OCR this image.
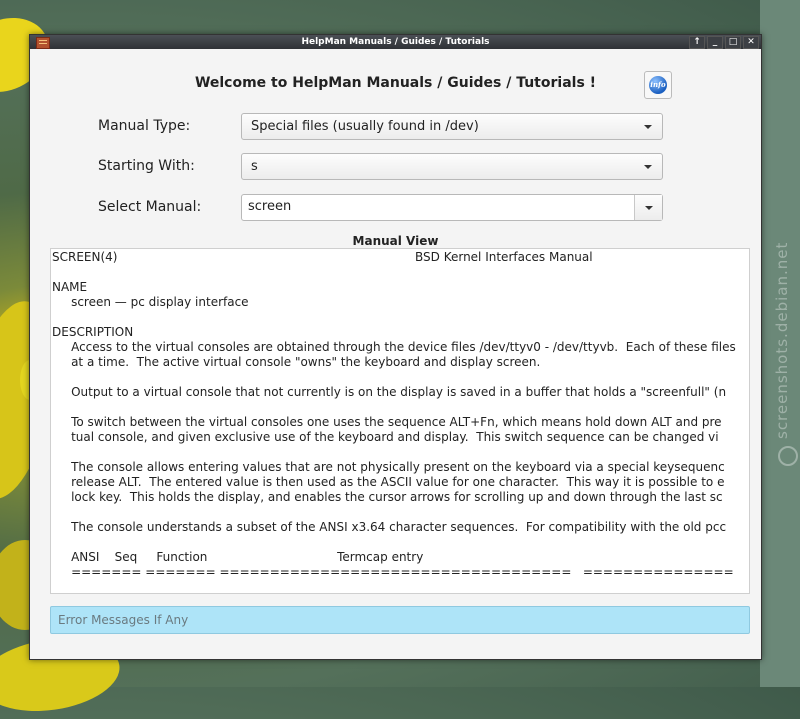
screenshots.debian.net
HelpMan Manuals / Guides / Tutorials	↑	_	□	✕
Welcome to HelpMan Manuals / Guides / Tutorials !	info
Manual Type:	Special files (usually found in /dev)
Starting With:	s
Select Manual:
screen
Manual View
SCREEN(4)                                                                              BSD Kernel Interfaces Manual

NAME
screen — pc display interface

DESCRIPTION
Access to the virtual consoles are obtained through the device files /dev/ttyv0 - /dev/ttyvb.  Each of these files
at a time.  The active virtual console "owns" the keyboard and display screen.

Output to a virtual console that not currently is on the display is saved in a buffer that holds a "screenfull" (n

To switch between the virtual consoles one uses the sequence ALT+Fn, which means hold down ALT and pre
tual console, and given exclusive use of the keyboard and display.  This switch sequence can be changed vi

The console allows entering values that are not physically present on the keyboard via a special keysequenc
release ALT.  The entered value is then used as the ASCII value for one character.  This way it is possible to e
lock key.  This holds the display, and enables the cursor arrows for scrolling up and down through the last sc

The console understands a subset of the ANSI x3.64 character sequences.  For compatibility with the old pcc

ANSI    Seq     Function                                  Termcap entry
======= ======= ===================================   ===============
Error Messages If Any
